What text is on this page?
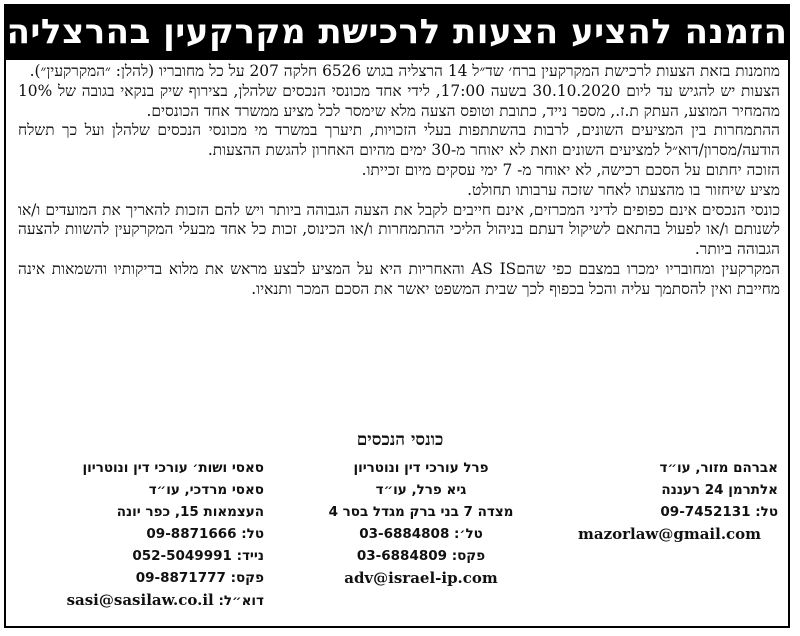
הזמנה להציע הצעות לרכישת מקרקעין בהרצליה

מוזמנות בזאת הצעות לרכישת המקרקעין ברח׳ שד״ל 14 הרצליה בגוש 6526 חלקה 207 על כל מחובריו (להלן: ״המקרקעין״).

הצעות יש להגיש עד ליום 30.10.2020 בשעה 17:00, לידי אחד מכונסי הנכסים שלהלן, בצירוף שיק בנקאי בגובה של 10% מהמחיר המוצע, העתק ת.ז., מספר נייד, כתובת וטופס הצעה מלא שימסר לכל מציע ממשרד אחד הכונסים.

ההתמחרות בין המציעים השונים, לרבות בהשתתפות בעלי הזכויות, תיערך במשרד מי מכונסי הנכסים שלהלן ועל כך תשלח הודעה/מסרון/דוא״ל למציעים השונים וזאת לא יאוחר מ-30 ימים מהיום האחרון להגשת ההצעות.

הזוכה יחתום על הסכם רכישה, לא יאוחר מ- 7 ימי עסקים מיום זכייתו.

מציע שיחזור בו מהצעתו לאחר שזכה ערבותו תחולט.

כונסי הנכסים אינם כפופים לדיני המכרזים, אינם חייבים לקבל את הצעה הגבוהה ביותר ויש להם הזכות להאריך את המועדים ו/או לשנותם ו/או לפעול בהתאם לשיקול דעתם בניהול הליכי ההתמחרות ו/או הכינוס, זכות כל אחד מבעלי המקרקעין להשוות להצעה הגבוהה ביותר.

המקרקעין ומחובריו ימכרו במצבם כפי שהםAS IS והאחריות היא על המציע לבצע מראש את מלוא בדיקותיו והשמאות אינה מחייבת ואין להסתמך עליה והכל בכפוף לכך שבית המשפט יאשר את הסכם המכר ותנאיו.

כונסי הנכסים
סאסי ושות׳ עורכי דין ונוטריון
סאסי מרדכי, עו״ד
העצמאות 15, כפר יונה
טל: 09-8871666
נייד: 052-5049991
פקס: 09-8871777
דוא״ל: sasi@sasilaw.co.il
פרל עורכי דין ונוטריון
גיא פרל, עו״ד
מצדה 7 בני ברק מגדל בסר 4
טל׳: 03-6884808
פקס: 03-6884809
adv@israel-ip.com
אברהם מזור, עו״ד
אלתרמן 24 רעננה
טל: 09-7452131
mazorlaw@gmail.com
